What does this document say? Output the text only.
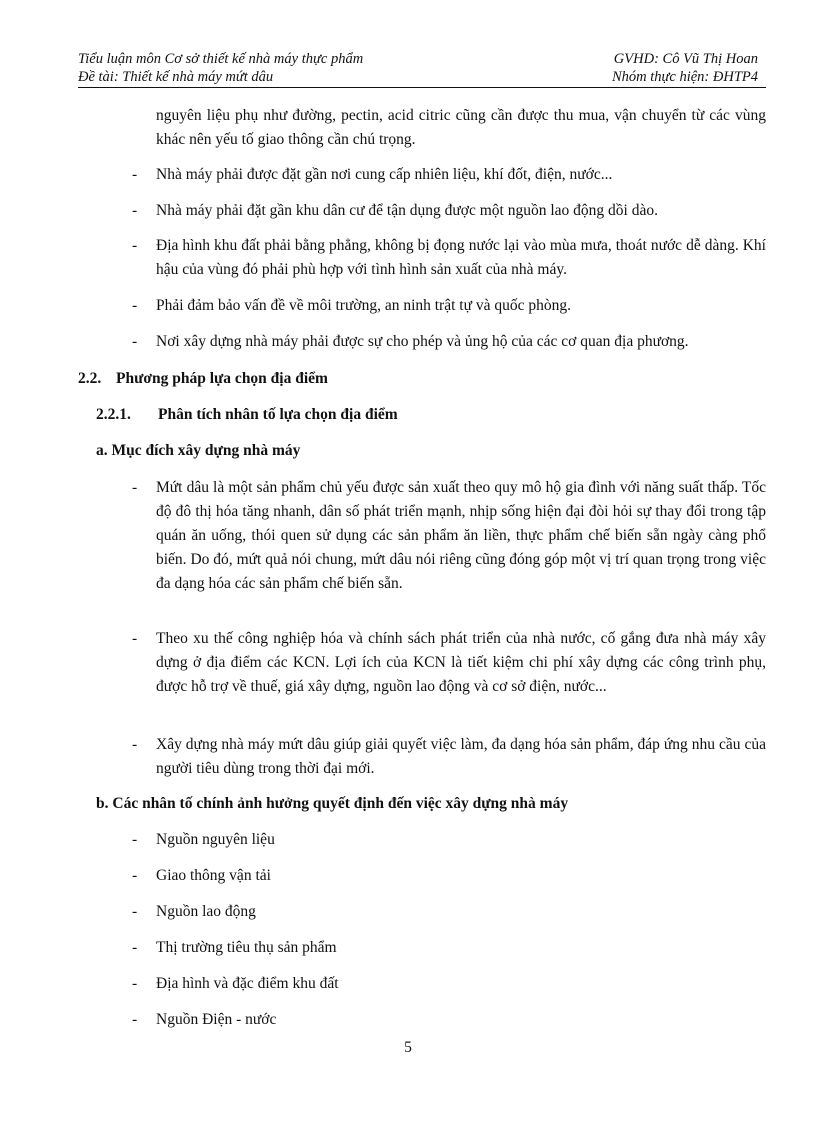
Tiểu luận môn Cơ sở thiết kế nhà máy thực phẩm	GVHD: Cô Vũ Thị Hoan
Đề tài: Thiết kế nhà máy mứt dâu	Nhóm thực hiện: ĐHTP4
nguyên liệu phụ như đường, pectin, acid citric cũng cần được thu mua, vận chuyển từ các vùng khác nên yếu tố giao thông cần chú trọng.
-	Nhà máy phải được đặt gần nơi cung cấp nhiên liệu, khí đốt, điện, nước...
-	Nhà máy phải đặt gần khu dân cư để tận dụng được một nguồn lao động dồi dào.
-	Địa hình khu đất phải bằng phẳng, không bị đọng nước lại vào mùa mưa, thoát nước dễ dàng. Khí hậu của vùng đó phải phù hợp với tình hình sản xuất của nhà máy.
-	Phải đảm bảo vấn đề về môi trường, an ninh trật tự và quốc phòng.
-	Nơi xây dựng nhà máy phải được sự cho phép và ủng hộ của các cơ quan địa phương.
2.2. Phương pháp lựa chọn địa điểm
2.2.1. Phân tích nhân tố lựa chọn địa điểm
a. Mục đích xây dựng nhà máy
-	Mứt dâu là một sản phẩm chủ yếu được sản xuất theo quy mô hộ gia đình với năng suất thấp. Tốc độ đô thị hóa tăng nhanh, dân số phát triển mạnh, nhịp sống hiện đại đòi hỏi sự thay đổi trong tập quán ăn uống, thói quen sử dụng các sản phẩm ăn liền, thực phẩm chế biến sẵn ngày càng phổ biến. Do đó, mứt quả nói chung, mứt dâu nói riêng cũng đóng góp một vị trí quan trọng trong việc đa dạng hóa các sản phẩm chế biến sẵn.
-	Theo xu thế công nghiệp hóa và chính sách phát triển của nhà nước, cố gắng đưa nhà máy xây dựng ở địa điểm các KCN. Lợi ích của KCN là tiết kiệm chi phí xây dựng các công trình phụ, được hỗ trợ về thuế, giá xây dựng, nguồn lao động và cơ sở điện, nước...
-	Xây dựng nhà máy mứt dâu giúp giải quyết việc làm, đa dạng hóa sản phẩm, đáp ứng nhu cầu của người tiêu dùng trong thời đại mới.
b. Các nhân tố chính ảnh hưởng quyết định đến việc xây dựng nhà máy
-	Nguồn nguyên liệu
-	Giao thông vận tải
-	Nguồn lao động
-	Thị trường tiêu thụ sản phẩm
-	Địa hình và đặc điểm khu đất
-	Nguồn Điện - nước
5
